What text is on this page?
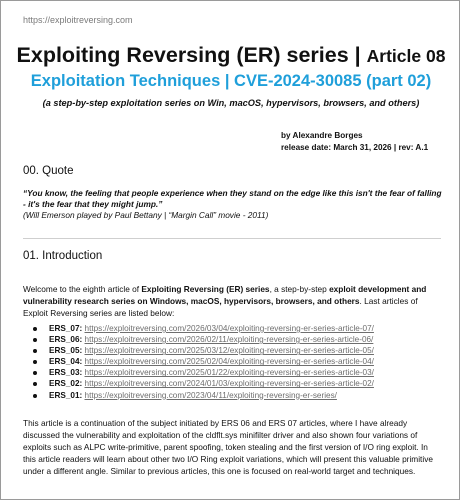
https://exploitreversing.com
Exploiting Reversing (ER) series | Article 08
Exploitation Techniques | CVE-2024-30085 (part 02)
(a step-by-step exploitation series on Win, macOS, hypervisors, browsers, and others)
by Alexandre Borges
release date: March 31, 2026 | rev: A.1
00. Quote
“You know, the feeling that people experience when they stand on the edge like this isn't the fear of falling - it's the fear that they might jump.”
(Will Emerson played by Paul Bettany | “Margin Call” movie - 2011)
01. Introduction
Welcome to the eighth article of Exploiting Reversing (ER) series, a step-by-step exploit development and vulnerability research series on Windows, macOS, hypervisors, browsers, and others. Last articles of Exploit Reversing series are listed below:
ERS_07: https://exploitreversing.com/2026/03/04/exploiting-reversing-er-series-article-07/
ERS_06: https://exploitreversing.com/2026/02/11/exploiting-reversing-er-series-article-06/
ERS_05: https://exploitreversing.com/2025/03/12/exploiting-reversing-er-series-article-05/
ERS_04: https://exploitreversing.com/2025/02/04/exploiting-reversing-er-series-article-04/
ERS_03: https://exploitreversing.com/2025/01/22/exploiting-reversing-er-series-article-03/
ERS_02: https://exploitreversing.com/2024/01/03/exploiting-reversing-er-series-article-02/
ERS_01: https://exploitreversing.com/2023/04/11/exploiting-reversing-er-series/
This article is a continuation of the subject initiated by ERS 06 and ERS 07 articles, where I have already discussed the vulnerability and exploitation of the cldflt.sys minifilter driver and also shown four variations of exploits such as ALPC write-primitive, parent spoofing, token stealing and the first version of I/O ring exploit. In this article readers will learn about other two I/O Ring exploit variations, which will present this valuable primitive under a different angle. Similar to previous articles, this one is focused on real-world target and techniques.
